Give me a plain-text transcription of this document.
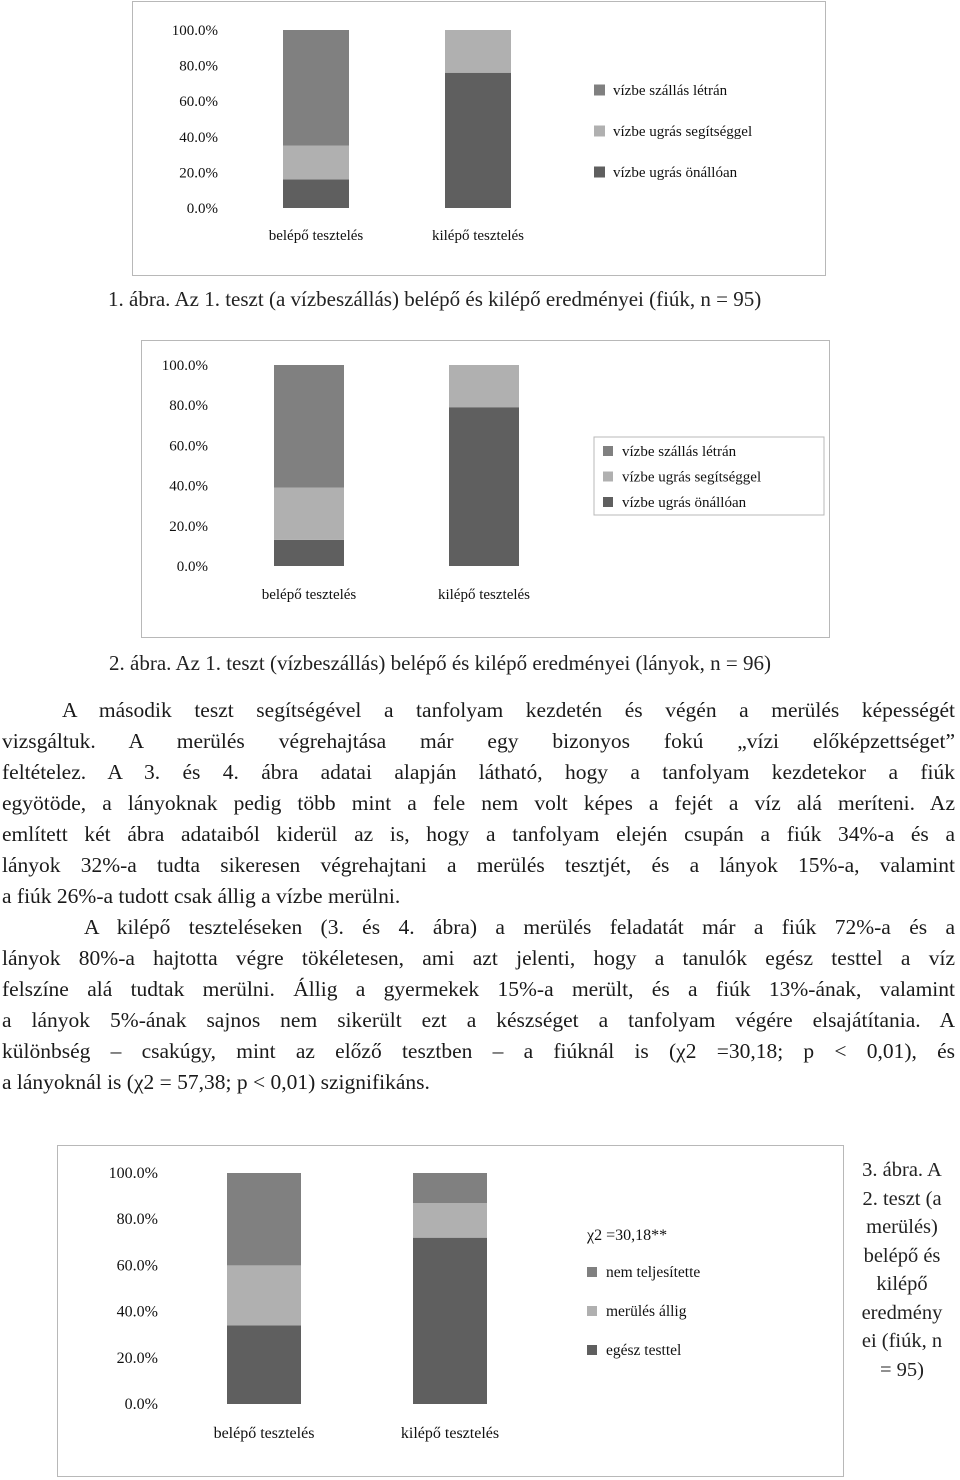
100.0%
80.0%
60.0%
40.0%
20.0%
0.0%
belépő tesztelés	kilépő tesztelés
vízbe szállás létrán
vízbe ugrás segítséggel
vízbe ugrás önállóan
1. ábra. Az 1. teszt (a vízbeszállás) belépő és kilépő eredményei (fiúk, n = 95)
100.0%
80.0%
60.0%
40.0%
20.0%
0.0%
belépő tesztelés	kilépő tesztelés
vízbe szállás létrán
vízbe ugrás segítséggel
vízbe ugrás önállóan
2. ábra. Az 1. teszt (vízbeszállás) belépő és kilépő eredményei (lányok, n = 96)
A második teszt segítségével a tanfolyam kezdetén és végén a merülés képességét
vizsgáltuk. A merülés végrehajtása már egy bizonyos fokú „vízi előképzettséget”
feltételez. A 3. és 4. ábra adatai alapján látható, hogy a tanfolyam kezdetekor a fiúk
egyötöde, a lányoknak pedig több mint a fele nem volt képes a fejét a víz alá meríteni. Az
említett két ábra adataiból kiderül az is, hogy a tanfolyam elején csupán a fiúk 34%-a és a
lányok 32%-a tudta sikeresen végrehajtani a merülés tesztjét, és a lányok 15%-a, valamint
a fiúk 26%-a tudott csak állig a vízbe merülni.
A kilépő teszteléseken (3. és 4. ábra) a merülés feladatát már a fiúk 72%-a és a
lányok 80%-a hajtotta végre tökéletesen, ami azt jelenti, hogy a tanulók egész testtel a víz
felszíne alá tudtak merülni. Állig a gyermekek 15%-a merült, és a fiúk 13%-ának, valamint
a lányok 5%-ának sajnos nem sikerült ezt a készséget a tanfolyam végére elsajátítania. A
különbség – csakúgy, mint az előző tesztben – a fiúknál is (χ2 =30,18; p < 0,01), és
a lányoknál is (χ2 = 57,38; p < 0,01) szignifikáns.
100.0%
80.0%
60.0%
40.0%
20.0%
0.0%
belépő tesztelés	kilépő tesztelés
nem teljesítette
merülés állig
egész testtel
χ2 =30,18**
3. ábra. A
2. teszt (a
merülés)
belépő és
kilépő
eredmény
ei (fiúk, n
= 95)
